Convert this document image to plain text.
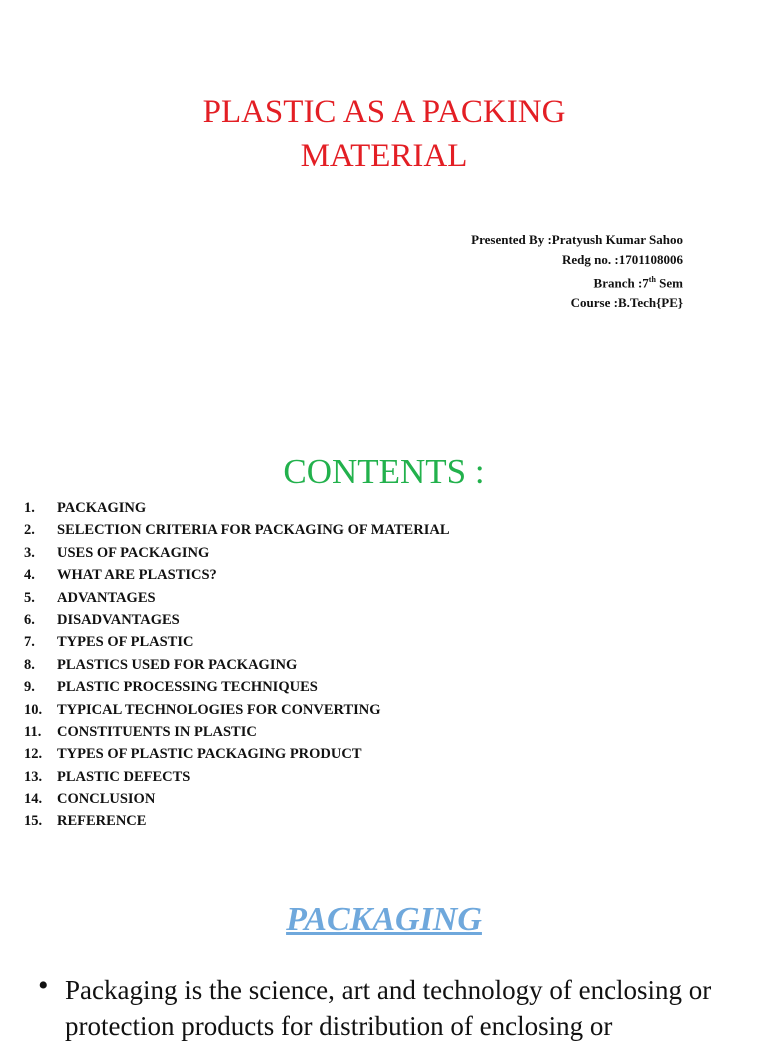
PLASTIC AS A PACKING
MATERIAL
Presented By :Pratyush Kumar Sahoo
Redg no. :1701108006
Branch :7th Sem
Course :B.Tech{PE}
CONTENTS :
1.	PACKAGING
2.	SELECTION CRITERIA FOR PACKAGING OF MATERIAL
3.	USES OF PACKAGING
4.	WHAT ARE PLASTICS?
5.	ADVANTAGES
6.	DISADVANTAGES
7.	TYPES OF PLASTIC
8.	PLASTICS USED FOR PACKAGING
9.	PLASTIC PROCESSING TECHNIQUES
10.	TYPICAL TECHNOLOGIES FOR CONVERTING
11.	CONSTITUENTS IN PLASTIC
12.	TYPES OF PLASTIC PACKAGING PRODUCT
13.	PLASTIC DEFECTS
14.	CONCLUSION
15.	REFERENCE
PACKAGING
• Packaging is the science, art and technology of enclosing or protection products for distribution of enclosing or
